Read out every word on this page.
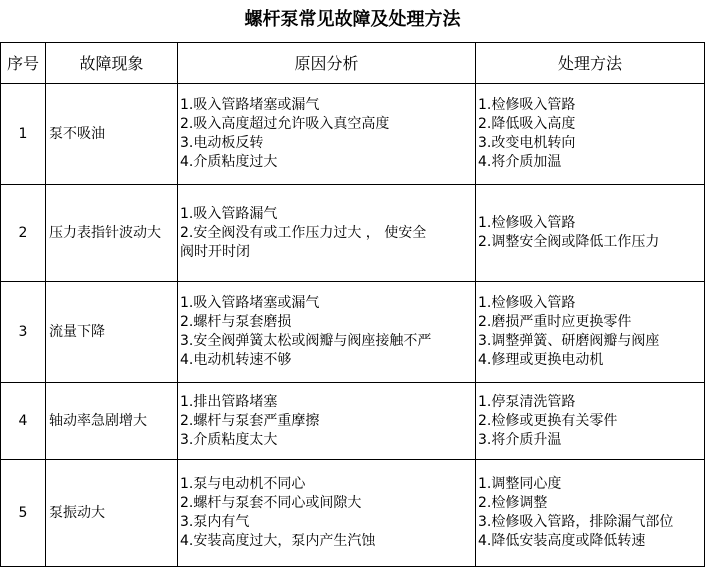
螺杆泵常见故障及处理方法
序号	故障现象	原因分析	处理方法
1	泵不吸油	1.吸入管路堵塞或漏气
2.吸入高度超过允许吸入真空高度
3.电动板反转
4.介质粘度过大	1.检修吸入管路
2.降低吸入高度
3.改变电机转向
4.将介质加温

2	压力表指针波动大	1.吸入管路漏气
2.安全阀没有或工作压力过大 ， 使安全
阀时开时闭	1.检修吸入管路
2.调整安全阀或降低工作压力

3	流量下降	1.吸入管路堵塞或漏气
2.螺杆与泵套磨损
3.安全阀弹簧太松或阀瓣与阀座接触不严
4.电动机转速不够	1.检修吸入管路
2.磨损严重时应更换零件
3.调整弹簧、研磨阀瓣与阀座
4.修理或更换电动机

4	轴动率急剧增大	1.排出管路堵塞
2.螺杆与泵套严重摩擦
3.介质粘度太大	1.停泵清洗管路
2.检修或更换有关零件
3.将介质升温

5	泵振动大	1.泵与电动机不同心
2.螺杆与泵套不同心或间隙大
3.泵内有气
4.安装高度过大，泵内产生汽蚀	1.调整同心度
2.检修调整
3.检修吸入管路，排除漏气部位
4.降低安装高度或降低转速
